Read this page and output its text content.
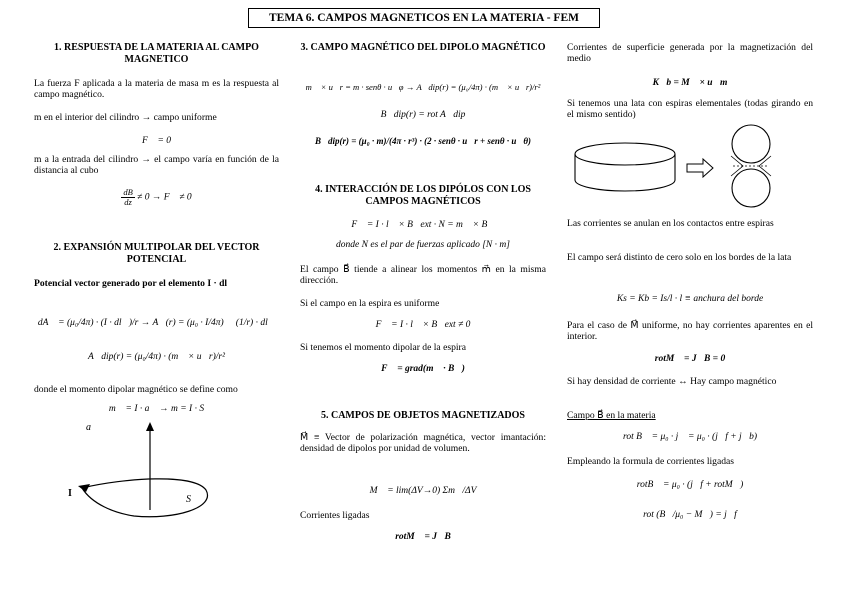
TEMA 6. CAMPOS MAGNETICOS EN LA MATERIA - FEM
1. RESPUESTA DE LA MATERIA AL CAMPO MAGNETICO
La fuerza F aplicada a la materia de masa m es la respuesta al campo magnético.
m en el interior del cilindro → campo uniforme
F⃗ = 0
m a la entrada del cilindro → el campo varía en función de la distancia al cubo
$\frac{dB}{dz} \ne 0$ → F⃗ ≠ 0
2. EXPANSIÓN MULTIPOLAR DEL VECTOR POTENCIAL
Potencial vector generado por el elemento I · dl⃗
dA⃗ = (μ₀/4π) · (I · dl⃗)/r → A⃗(r) = (μ₀ · I/4π) ∮ (1/r) · dl⃗
A⃗dip(r) = (μ₀/4π) · (m⃗ × u⃗r)/r²
donde el momento dipolar magnético se define como
m⃗ = I · a⃗ → m = I · S
a⃗
I
S
3. CAMPO MAGNÉTICO DEL DIPOLO MAGNÉTICO
m⃗ × u⃗r = m · senθ · u⃗φ → A⃗dip(r) = (μ₀/4π) · (m⃗ × u⃗r)/r²
B⃗dip(r) = rot A⃗dip
B⃗dip(r) = (μ₀ · m)/(4π · r³) · (2 · senθ · u⃗r + senθ · u⃗θ)
4. INTERACCIÓN DE LOS DIPÓLOS CON LOS CAMPOS MAGNÉTICOS
F⃗ = I · l⃗ × B⃗ext · N = m⃗ × B⃗
donde N es el par de fuerzas aplicado [N · m]
El campo B⃗ tiende a alinear los momentos m⃗ en la misma dirección.
Si el campo en la espira es uniforme
F⃗ = I · l⃗ × B⃗ext ≠ 0
Si tenemos el momento dipolar de la espira
F⃗ = grad(m⃗ · B⃗)
5. CAMPOS DE OBJETOS MAGNETIZADOS
M⃗ ≡ Vector de polarización magnética, vector imantación: densidad de dipolos por unidad de volumen.
M⃗ = lim(ΔV→0) Σm⃗/ΔV
Corrientes ligadas
rotM⃗ = J⃗B
Corrientes de superficie generada por la magnetización del medio
K⃗b = M⃗ × u⃗m
Si tenemos una lata con espiras elementales (todas girando en el mismo sentido)
Las corrientes se anulan en los contactos entre espiras
El campo será distinto de cero solo en los bordes de la lata
Ks = Kb = Is/l · l ≡ anchura del borde
Para el caso de M⃗ uniforme, no hay corrientes aparentes en el interior.
rotM⃗ = J⃗B = 0
Si hay densidad de corriente ↔ Hay campo magnético
Campo B⃗ en la materia
rot B⃗ = μ₀ · j⃗ = μ₀ · (j⃗f + j⃗b)
Empleando la formula de corrientes ligadas
rotB⃗ = μ₀ · (j⃗f + rotM⃗)
rot (B⃗/μ₀ − M⃗) = j⃗f
